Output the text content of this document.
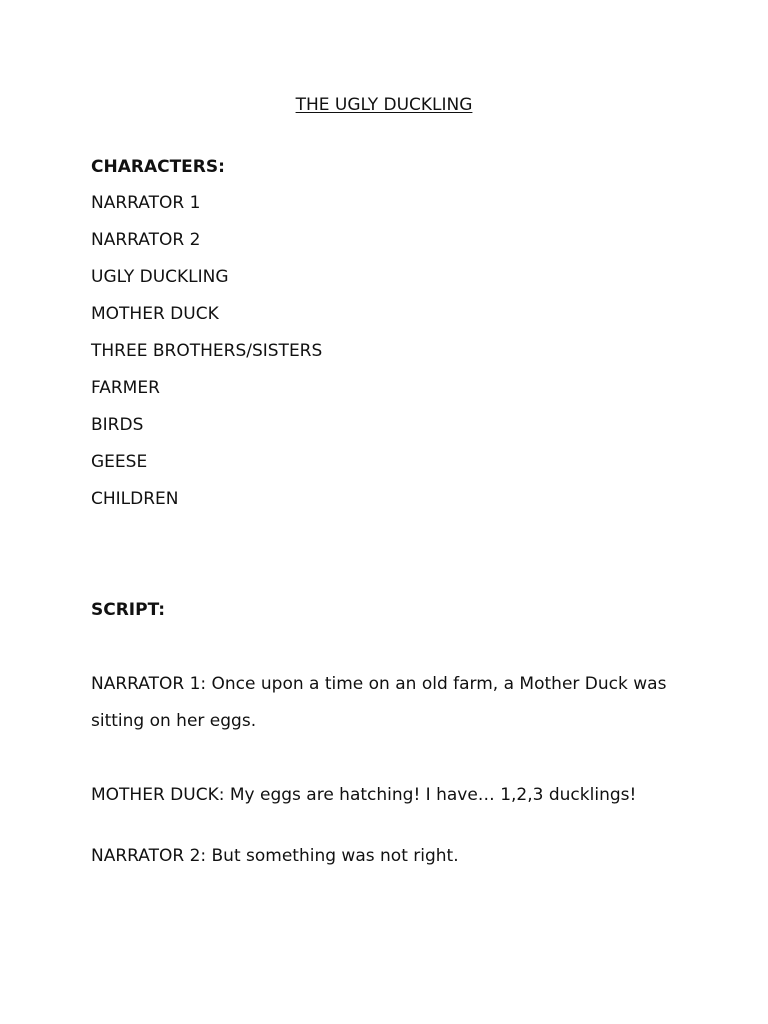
THE UGLY DUCKLING
CHARACTERS:
NARRATOR 1
NARRATOR 2
UGLY DUCKLING
MOTHER DUCK
THREE BROTHERS/SISTERS
FARMER
BIRDS
GEESE
CHILDREN
SCRIPT:
NARRATOR 1: Once upon a time on an old farm, a Mother Duck was
sitting on her eggs.
MOTHER DUCK: My eggs are hatching! I have… 1,2,3 ducklings!
NARRATOR 2: But something was not right.
